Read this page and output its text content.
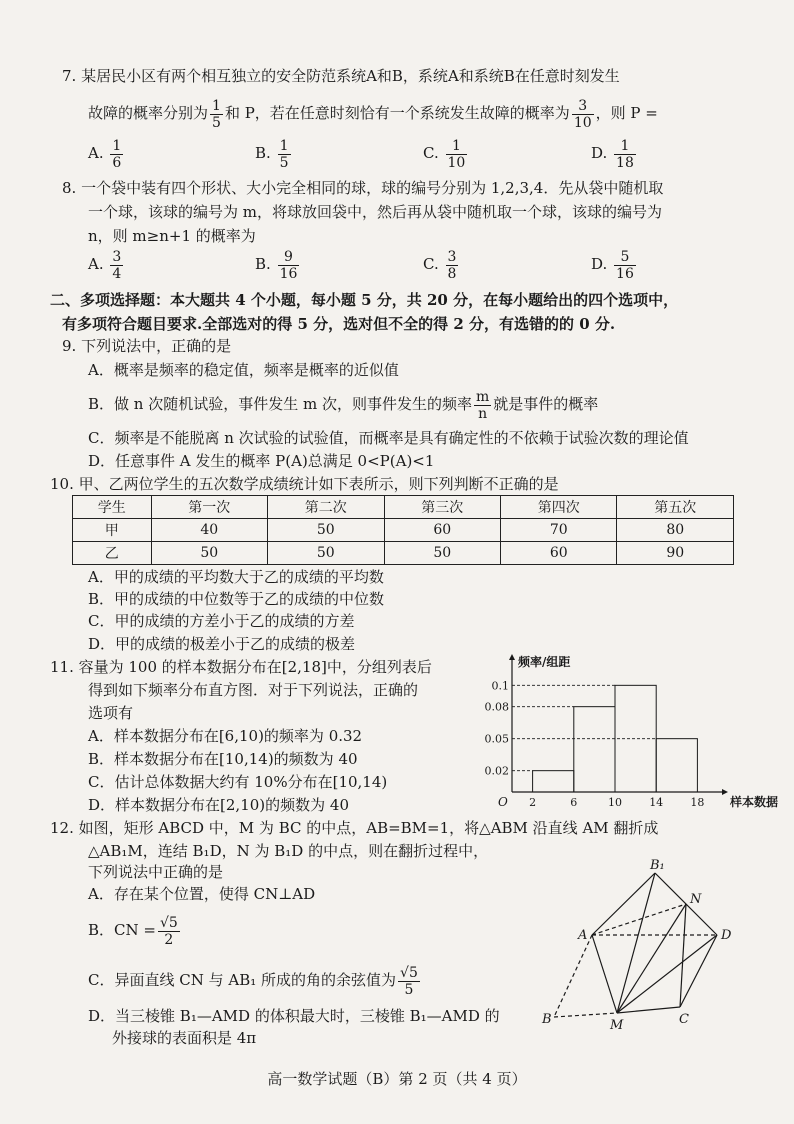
7. 某居民小区有两个相互独立的安全防范系统A和B，系统A和系统B在任意时刻发生
故障的概率分别为 $\frac{1}{5}$ 和 P，若在任意时刻恰有一个系统发生故障的概率为 $\frac{3}{10}$ ，则 P =
A. $\frac{1}{6}$	B. $\frac{1}{5}$	C. $\frac{1}{10}$	D. $\frac{1}{18}$
8. 一个袋中装有四个形状、大小完全相同的球，球的编号分别为 1,2,3,4．先从袋中随机取
一个球，该球的编号为 m，将球放回袋中，然后再从袋中随机取一个球，该球的编号为
n，则 m≥n+1 的概率为
A. $\frac{3}{4}$	B. $\frac{9}{16}$	C. $\frac{3}{8}$	D. $\frac{5}{16}$
二、多项选择题：本大题共 4 个小题，每小题 5 分，共 20 分，在每小题给出的四个选项中，
有多项符合题目要求.全部选对的得 5 分，选对但不全的得 2 分，有选错的的 0 分.
9. 下列说法中，正确的是
A．概率是频率的稳定值，频率是概率的近似值
B．做 n 次随机试验，事件发生 m 次，则事件发生的频率 $\frac{m}{n}$ 就是事件的概率
C．频率是不能脱离 n 次试验的试验值，而概率是具有确定性的不依赖于试验次数的理论值
D．任意事件 A 发生的概率 P(A)总满足 0<P(A)<1
10. 甲、乙两位学生的五次数学成绩统计如下表所示，则下列判断不正确的是
学生	第一次	第二次	第三次	第四次	第五次
甲	40	50	60	70	80
乙	50	50	50	60	90
A．甲的成绩的平均数大于乙的成绩的平均数
B．甲的成绩的中位数等于乙的成绩的中位数
C．甲的成绩的方差小于乙的成绩的方差
D．甲的成绩的极差小于乙的成绩的极差
11. 容量为 100 的样本数据分布在[2,18]中，分组列表后
得到如下频率分布直方图．对于下列说法，正确的
选项有
A．样本数据分布在[6,10)的频率为 0.32
B．样本数据分布在[10,14)的频数为 40
C．估计总体数据大约有 10%分布在[10,14)
D．样本数据分布在[2,10)的频数为 40
0.02
0.05
0.08
0.1
2	6	10 14 18
O
频率/组距
样本数据
12. 如图，矩形 ABCD 中，M 为 BC 的中点，AB=BM=1，将△ABM 沿直线 AM 翻折成
△AB₁M，连结 B₁D，N 为 B₁D 的中点，则在翻折过程中，
下列说法中正确的是
A．存在某个位置，使得 CN⊥AD
B．CN = $\frac{√5}{2}$
C．异面直线 CN 与 AB₁ 所成的角的余弦值为 $\frac{√5}{5}$
D．当三棱锥 B₁—AMD 的体积最大时，三棱锥 B₁—AMD 的
外接球的表面积是 4π
B₁
N
A	D
B	M	C
高一数学试题（B）第 2 页（共 4 页）
